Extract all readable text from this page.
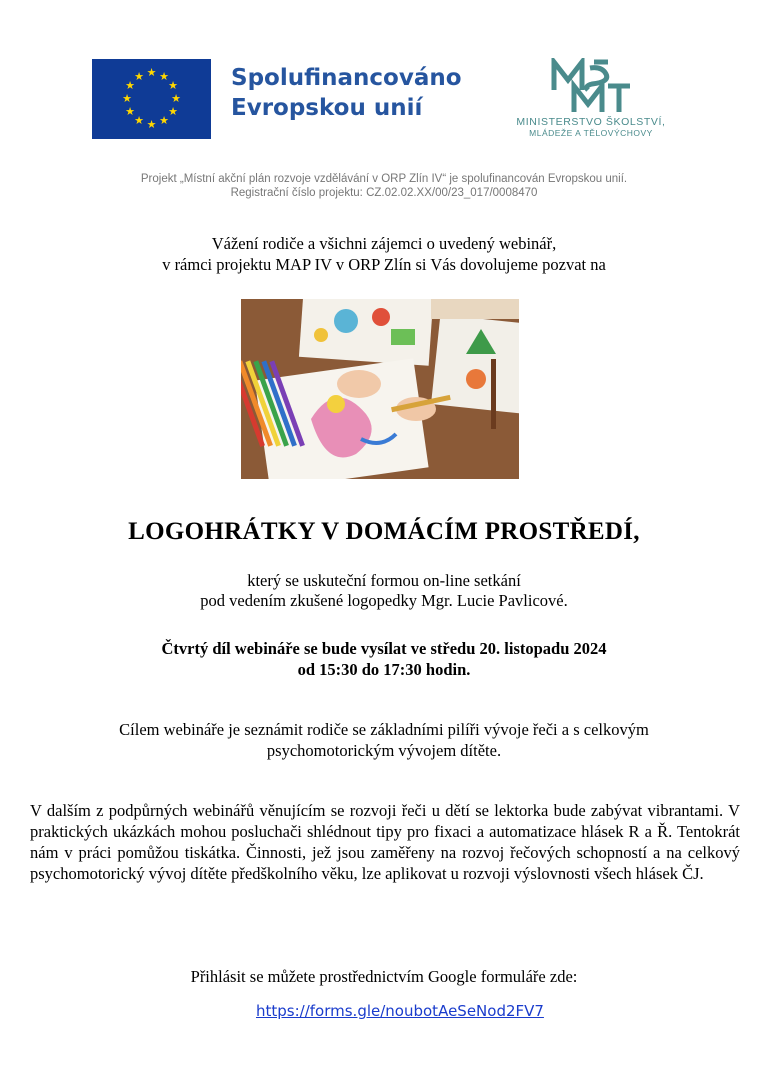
★ ★
★
★
★
★
★
★
★
★
★
★	Spolufinancováno
Evropskou unií
MINISTERSTVO ŠKOLSTVÍ,
MLÁDEŽE A TĚLOVÝCHOVY
Projekt „Místní akční plán rozvoje vzdělávání v ORP Zlín IV“ je spolufinancován Evropskou unií.
Registrační číslo projektu: CZ.02.02.XX/00/23_017/0008470
Vážení rodiče a všichni zájemci o uvedený webinář,
v rámci projektu MAP IV v ORP Zlín si Vás dovolujeme pozvat na
LOGOHRÁTKY V DOMÁCÍM PROSTŘEDÍ,
který se uskuteční formou on-line setkání
pod vedením zkušené logopedky Mgr. Lucie Pavlicové.
Čtvrtý díl webináře se bude vysílat ve středu 20. listopadu 2024
od 15:30 do 17:30 hodin.
Cílem webináře je seznámit rodiče se základními pilíři vývoje řeči a s celkovým
psychomotorickým vývojem dítěte.
V dalším z podpůrných webinářů věnujícím se rozvoji řeči u dětí se lektorka bude zabývat vibrantami. V praktických ukázkách mohou posluchači shlédnout tipy pro fixaci a automatizace hlásek R a Ř. Tentokrát nám v práci pomůžou tiskátka. Činnosti, jež jsou zaměřeny na rozvoj řečových schopností a na celkový psychomotorický vývoj dítěte předškolního věku, lze aplikovat u rozvoji výslovnosti všech hlásek ČJ.
Přihlásit se můžete prostřednictvím Google formuláře zde:
https://forms.gle/noubotAeSeNod2FV7
